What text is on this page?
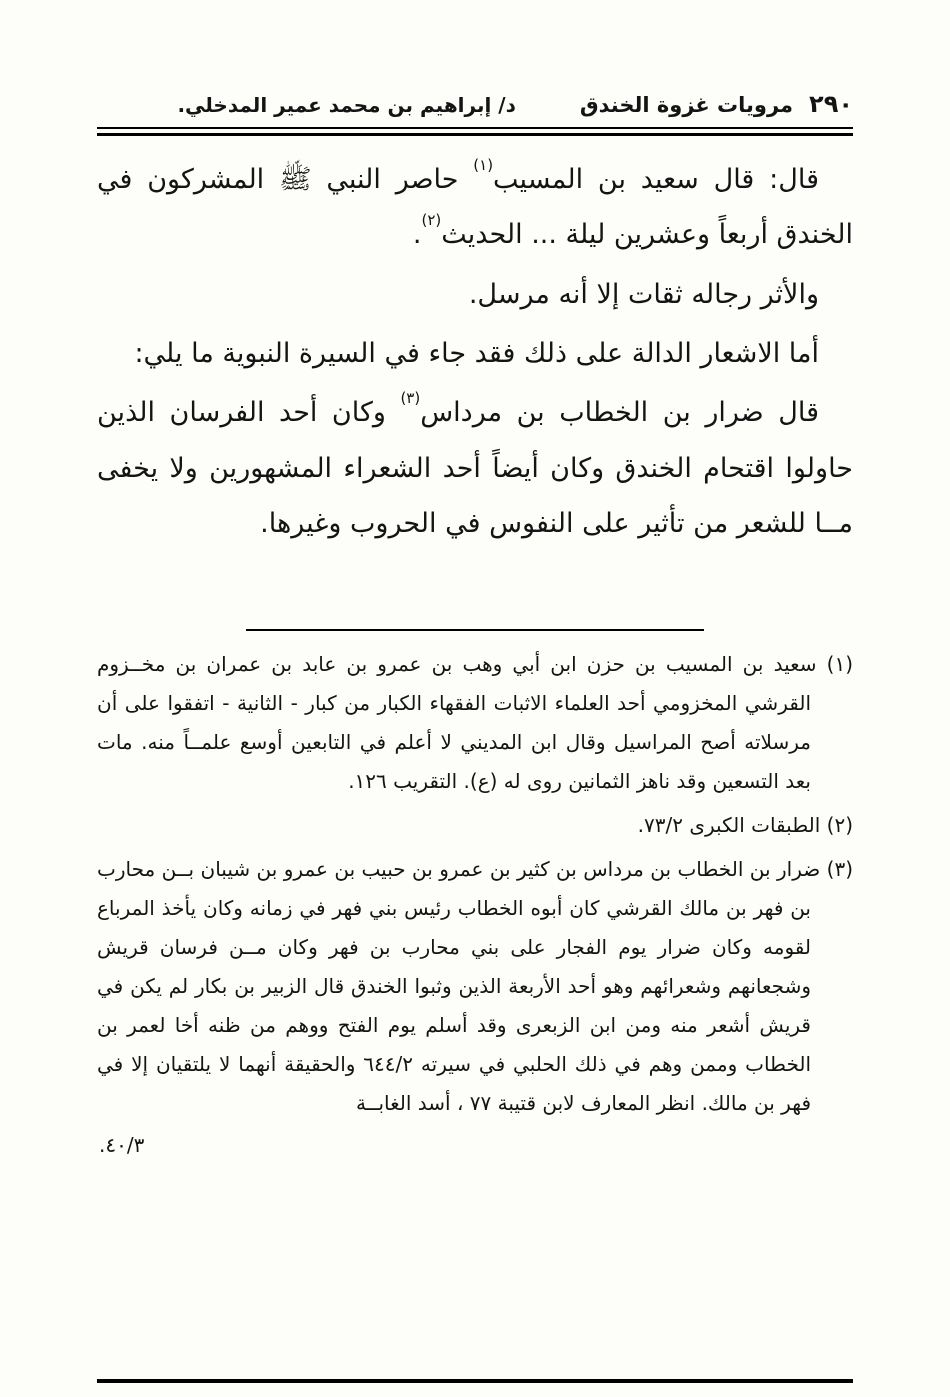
٢٩٠
مرويات غزوة الخندق
د/ إبراهيم بن محمد عمير المدخلي.

قال: قال سعيد بن المسيب$^{(١)}$ حاصر النبي ﷺ المشركون في الخندق أربعاً وعشرين ليلة ... الحديث$^{(٢)}$.

والأثر رجاله ثقات إلا أنه مرسل.

أما الاشعار الدالة على ذلك فقد جاء في السيرة النبوية ما يلي:

قال ضرار بن الخطاب بن مرداس$^{(٣)}$ وكان أحد الفرسان الذين حاولوا اقتحام الخندق وكان أيضاً أحد الشعراء المشهورين ولا يخفى مــا للشعر من تأثير على النفوس في الحروب وغيرها.

(١) سعيد بن المسيب بن حزن ابن أبي وهب بن عمرو بن عابد بن عمران بن مخــزوم القرشي المخزومي أحد العلماء الاثبات الفقهاء الكبار من كبار - الثانية - اتفقوا على أن مرسلاته أصح المراسيل وقال ابن المديني لا أعلم في التابعين أوسع علمــاً منه. مات بعد التسعين وقد ناهز الثمانين روى له (ع). التقريب ١٢٦.

(٢) الطبقات الكبرى ٧٣/٢.

(٣) ضرار بن الخطاب بن مرداس بن كثير بن عمرو بن حبيب بن عمرو بن شيبان بــن محارب بن فهر بن مالك القرشي كان أبوه الخطاب رئيس بني فهر في زمانه وكان يأخذ المرباع لقومه وكان ضرار يوم الفجار على بني محارب بن فهر وكان مــن فرسان قريش وشجعانهم وشعرائهم وهو أحد الأربعة الذين وثبوا الخندق قال الزبير بن بكار لم يكن في قريش أشعر منه ومن ابن الزبعرى وقد أسلم يوم الفتح ووهم من ظنه أخا لعمر بن الخطاب وممن وهم في ذلك الحلبي في سيرته ٦٤٤/٢ والحقيقة أنهما لا يلتقيان إلا في فهر بن مالك. انظر المعارف لابن قتيبة ٧٧ ، أسد الغابــة

٤٠/٣.
